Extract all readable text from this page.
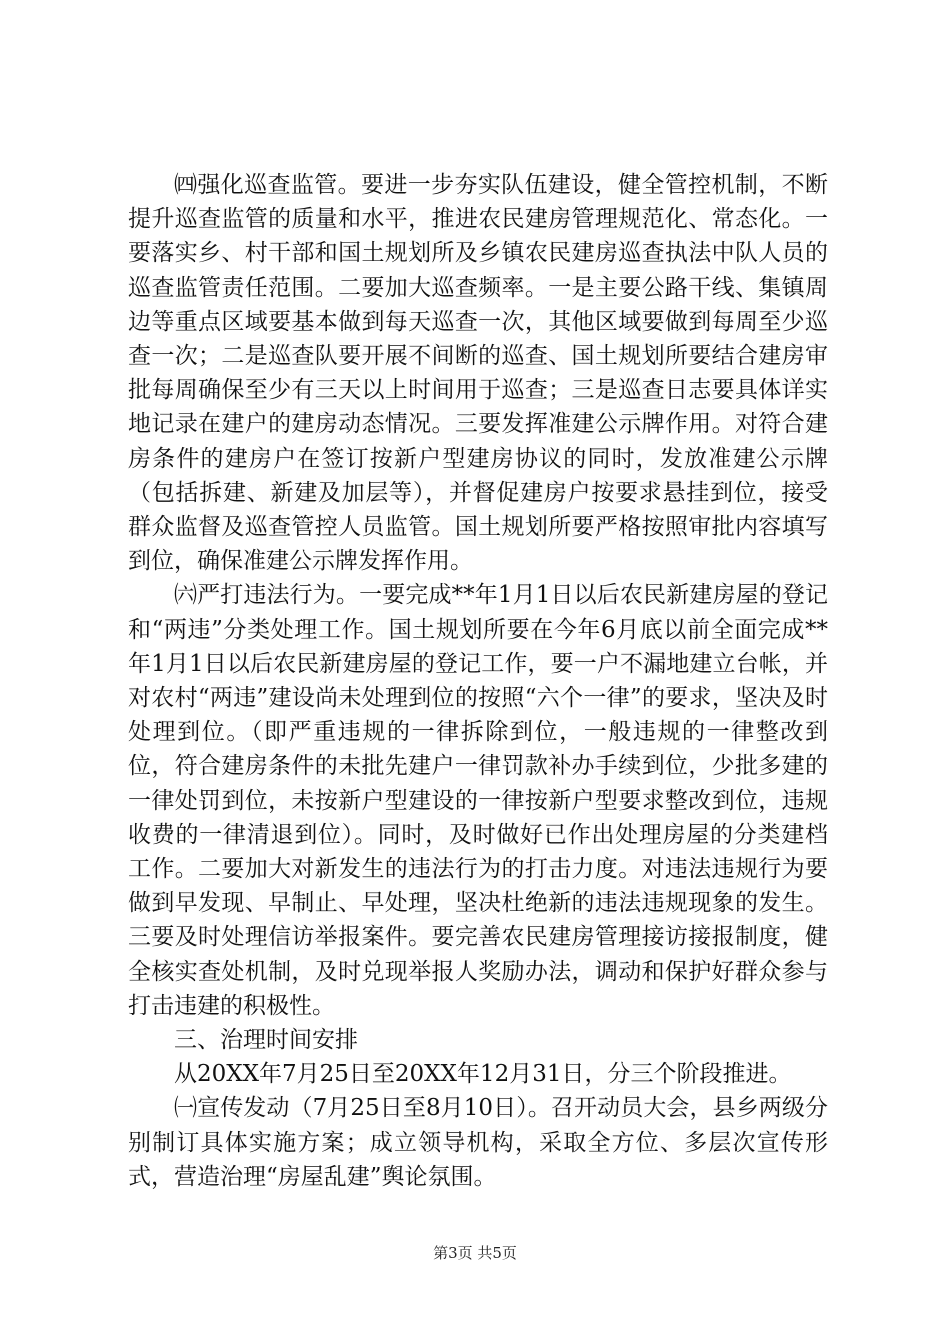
㈣强化巡查监管。要进一步夯实队伍建设，健全管控机制，不断提升巡查监管的质量和水平，推进农民建房管理规范化、常态化。一要落实乡、村干部和国土规划所及乡镇农民建房巡查执法中队人员的巡查监管责任范围。二要加大巡查频率。一是主要公路干线、集镇周边等重点区域要基本做到每天巡查一次，其他区域要做到每周至少巡查一次；二是巡查队要开展不间断的巡查、国土规划所要结合建房审批每周确保至少有三天以上时间用于巡查；三是巡查日志要具体详实地记录在建户的建房动态情况。三要发挥准建公示牌作用。对符合建房条件的建房户在签订按新户型建房协议的同时，发放准建公示牌（包括拆建、新建及加层等），并督促建房户按要求悬挂到位，接受群众监督及巡查管控人员监管。国土规划所要严格按照审批内容填写到位，确保准建公示牌发挥作用。

㈥严打违法行为。一要完成**年1月1日以后农民新建房屋的登记和“两违”分类处理工作。国土规划所要在今年6月底以前全面完成**年1月1日以后农民新建房屋的登记工作，要一户不漏地建立台帐，并对农村“两违”建设尚未处理到位的按照“六个一律”的要求，坚决及时处理到位。（即严重违规的一律拆除到位，一般违规的一律整改到位，符合建房条件的未批先建户一律罚款补办手续到位，少批多建的一律处罚到位，未按新户型建设的一律按新户型要求整改到位，违规收费的一律清退到位）。同时，及时做好已作出处理房屋的分类建档工作。二要加大对新发生的违法行为的打击力度。对违法违规行为要做到早发现、早制止、早处理，坚决杜绝新的违法违规现象的发生。三要及时处理信访举报案件。要完善农民建房管理接访接报制度，健全核实查处机制，及时兑现举报人奖励办法，调动和保护好群众参与打击违建的积极性。

三、治理时间安排

从20XX年7月25日至20XX年12月31日，分三个阶段推进。

㈠宣传发动（7月25日至8月10日）。召开动员大会，县乡两级分别制订具体实施方案；成立领导机构，采取全方位、多层次宣传形式，营造治理“房屋乱建”舆论氛围。

第3页 共5页
